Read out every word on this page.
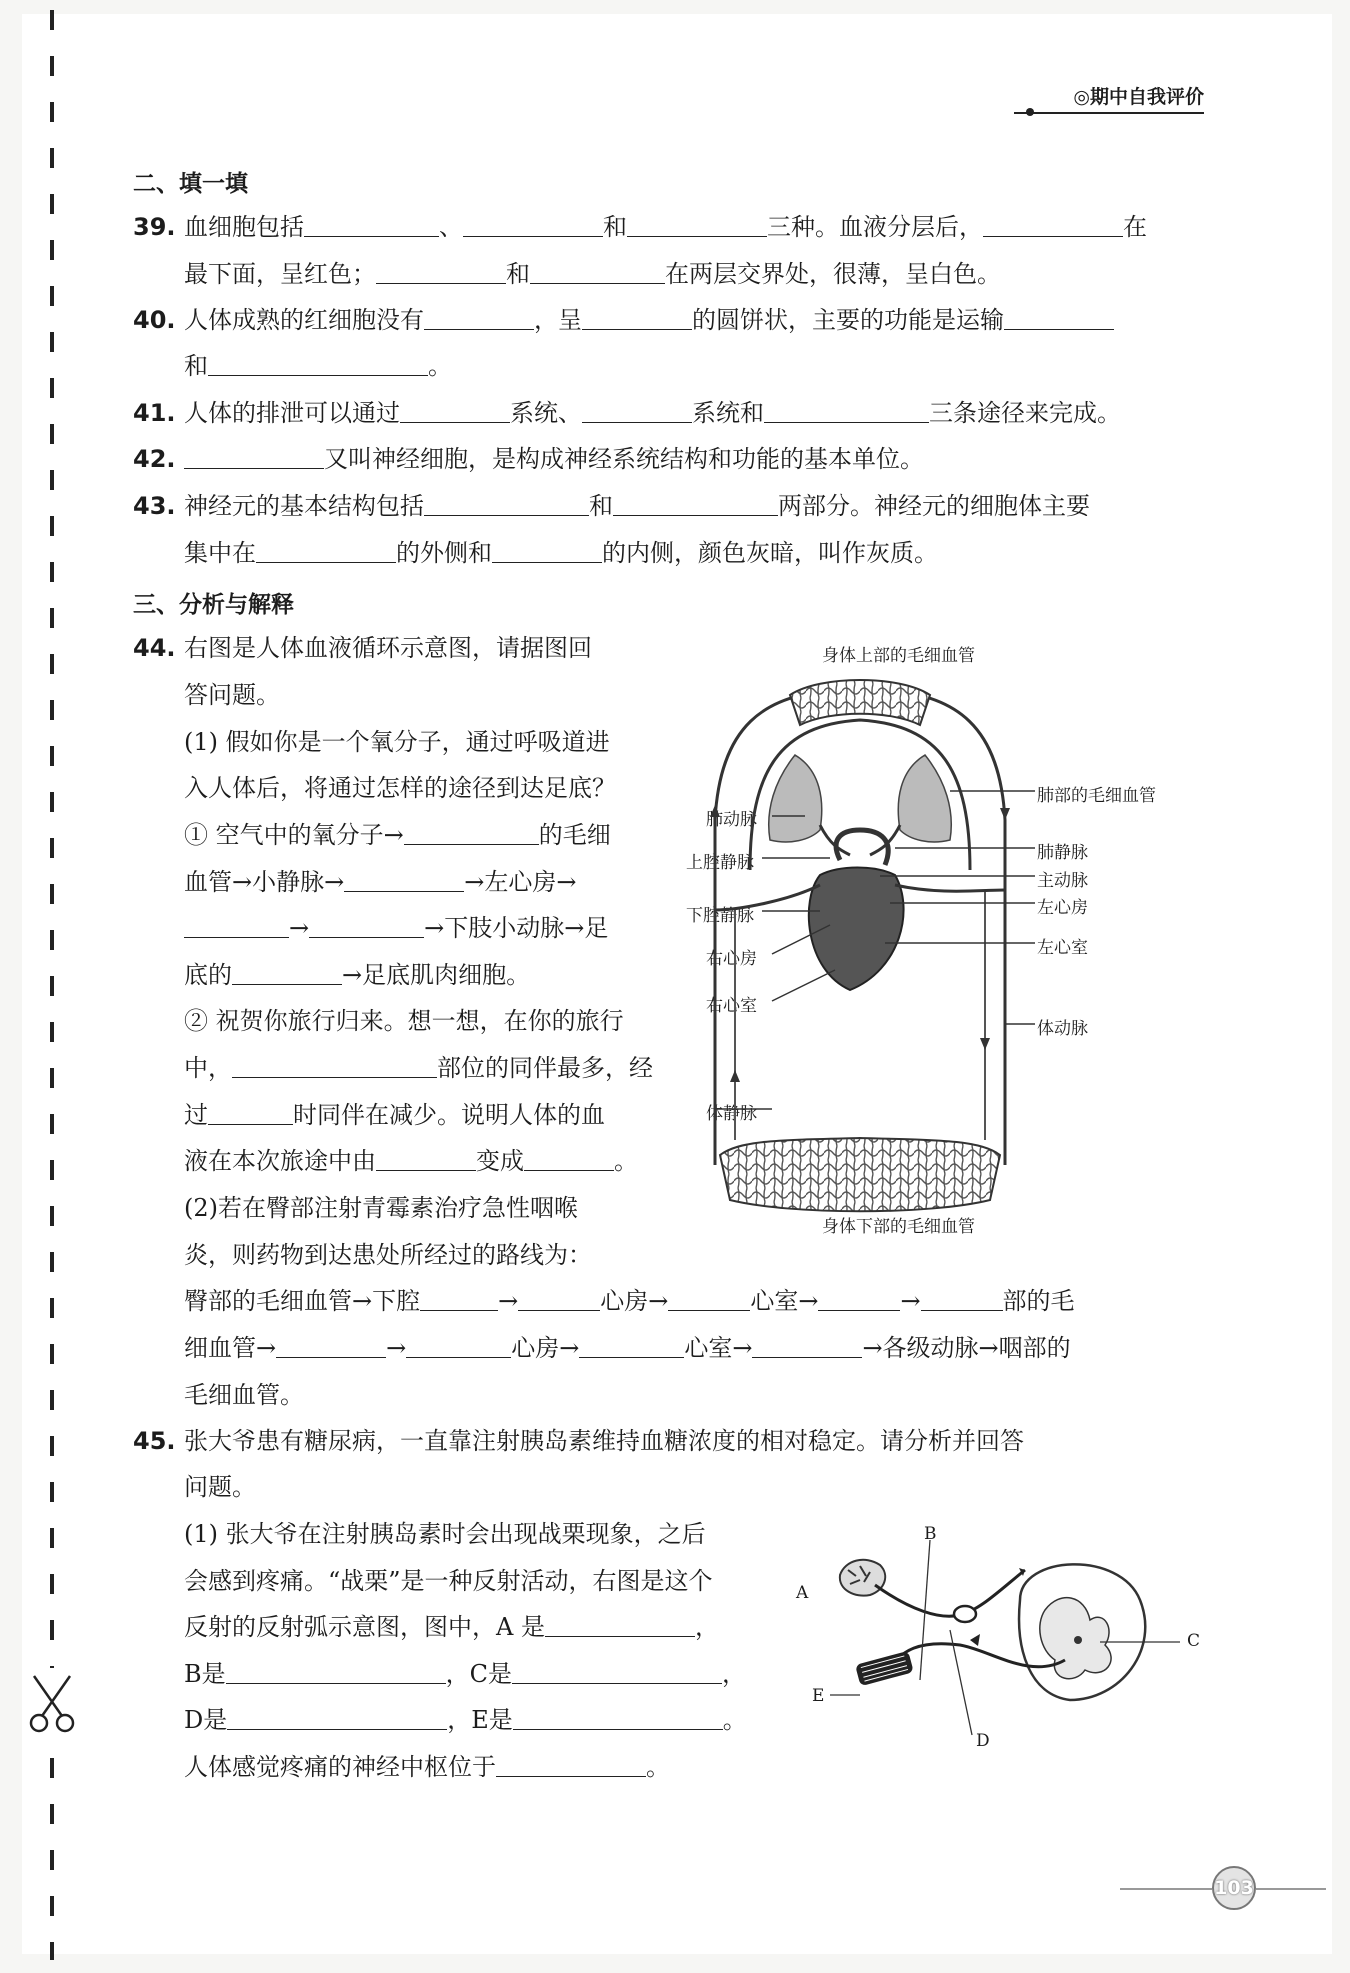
◎期中自我评价
二、填一填
39. 血细胞包括	、	和	三种。血液分层后，	在
最下面，呈红色；	和	在两层交界处，很薄，呈白色。
40. 人体成熟的红细胞没有	，呈	的圆饼状，主要的功能是运输
和	。
41. 人体的排泄可以通过	系统、	系统和	三条途径来完成。
42.	又叫神经细胞，是构成神经系统结构和功能的基本单位。
43. 神经元的基本结构包括	和	两部分。神经元的细胞体主要
集中在	的外侧和	的内侧，颜色灰暗，叫作灰质。
三、分析与解释
44. 右图是人体血液循环示意图，请据图回
答问题。
(1) 假如你是一个氧分子，通过呼吸道进
入人体后，将通过怎样的途径到达足底？
① 空气中的氧分子→	的毛细
血管→小静脉→	→左心房→
→	→下肢小动脉→足
底的	→足底肌肉细胞。
② 祝贺你旅行归来。想一想，在你的旅行
中，	部位的同伴最多，经
过	时同伴在减少。说明人体的血
液在本次旅途中由	变成	。
(2)若在臀部注射青霉素治疗急性咽喉
炎，则药物到达患处所经过的路线为：
臀部的毛细血管→下腔	→	心房→	心室→	→	部的毛
细血管→	→	心房→	心室→	→各级动脉→咽部的
毛细血管。
身体上部的毛细血管
身体下部的毛细血管
肺动脉
上腔静脉
下腔静脉
右心房
右心室
体静脉
肺部的毛细血管
肺静脉
主动脉
左心房
左心室
体动脉
45. 张大爷患有糖尿病，一直靠注射胰岛素维持血糖浓度的相对稳定。请分析并回答
问题。
(1) 张大爷在注射胰岛素时会出现战栗现象，之后
会感到疼痛。“战栗”是一种反射活动，右图是这个
反射的反射弧示意图，图中，A 是	，
B是	，C是	，
D是	，E是	。
人体感觉疼痛的神经中枢位于	。
A
B
C
D
E
103
